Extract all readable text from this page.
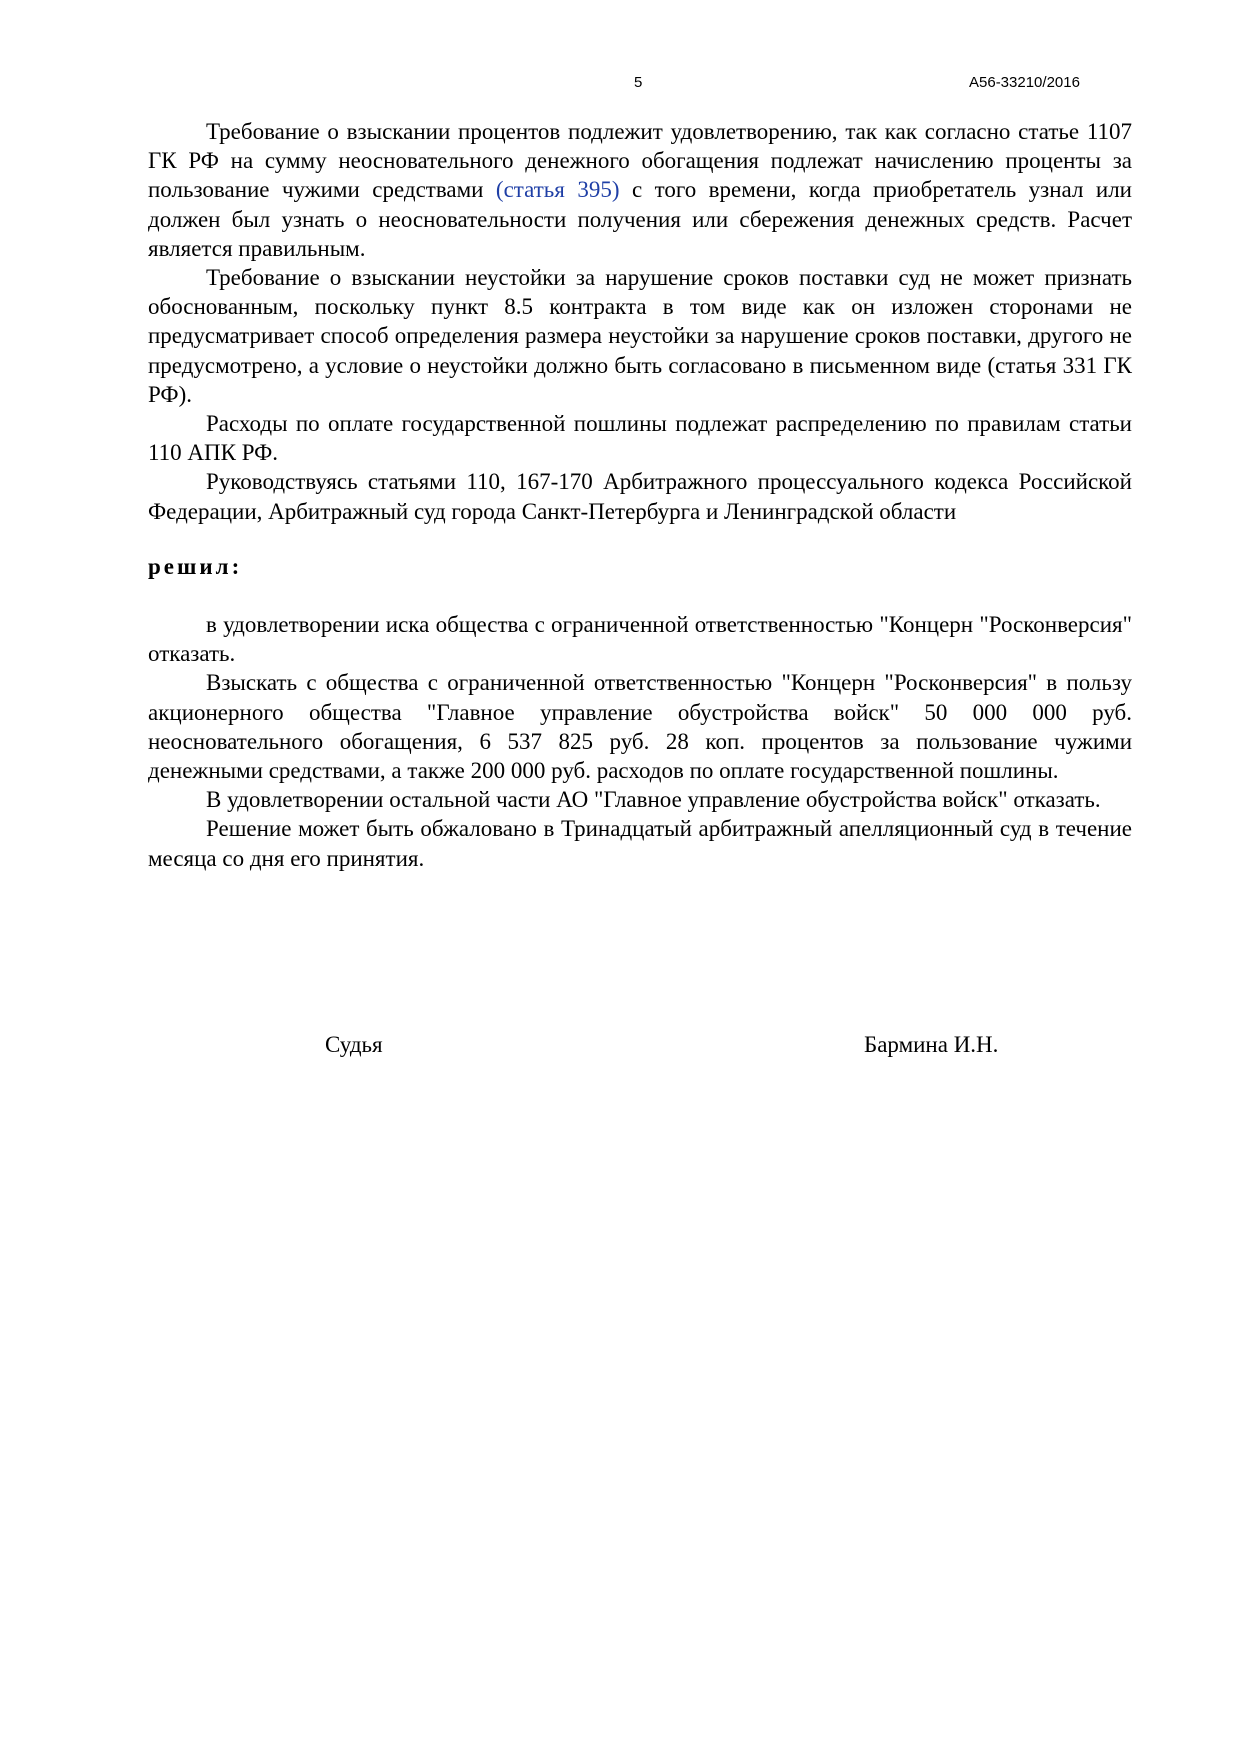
5	А56-33210/2016

Требование о взыскании процентов подлежит удовлетворению, так как согласно статье 1107 ГК РФ на сумму неосновательного денежного обогащения подлежат начислению проценты за пользование чужими средствами (статья 395) с того времени, когда приобретатель узнал или должен был узнать о неосновательности получения или сбережения денежных средств. Расчет является правильным.

Требование о взыскании неустойки за нарушение сроков поставки суд не может признать обоснованным, поскольку пункт 8.5 контракта в том виде как он изложен сторонами не предусматривает способ определения размера неустойки за нарушение сроков поставки, другого не предусмотрено, а условие о неустойки должно быть согласовано в письменном виде (статья 331 ГК РФ).

Расходы по оплате государственной пошлины подлежат распределению по правилам статьи 110 АПК РФ.

Руководствуясь статьями 110, 167-170 Арбитражного процессуального кодекса Российской Федерации, Арбитражный суд города Санкт-Петербурга и Ленинградской области

решил:

в удовлетворении иска общества с ограниченной ответственностью "Концерн "Росконверсия" отказать.

Взыскать с общества с ограниченной ответственностью "Концерн "Росконверсия" в пользу акционерного общества "Главное управление обустройства войск" 50 000 000 руб. неосновательного обогащения, 6 537 825 руб. 28 коп. процентов за пользование чужими денежными средствами, а также 200 000 руб. расходов по оплате государственной пошлины.

В удовлетворении остальной части АО "Главное управление обустройства войск" отказать.

Решение может быть обжаловано в Тринадцатый арбитражный апелляционный суд в течение месяца со дня его принятия.

Судья	Бармина И.Н.
